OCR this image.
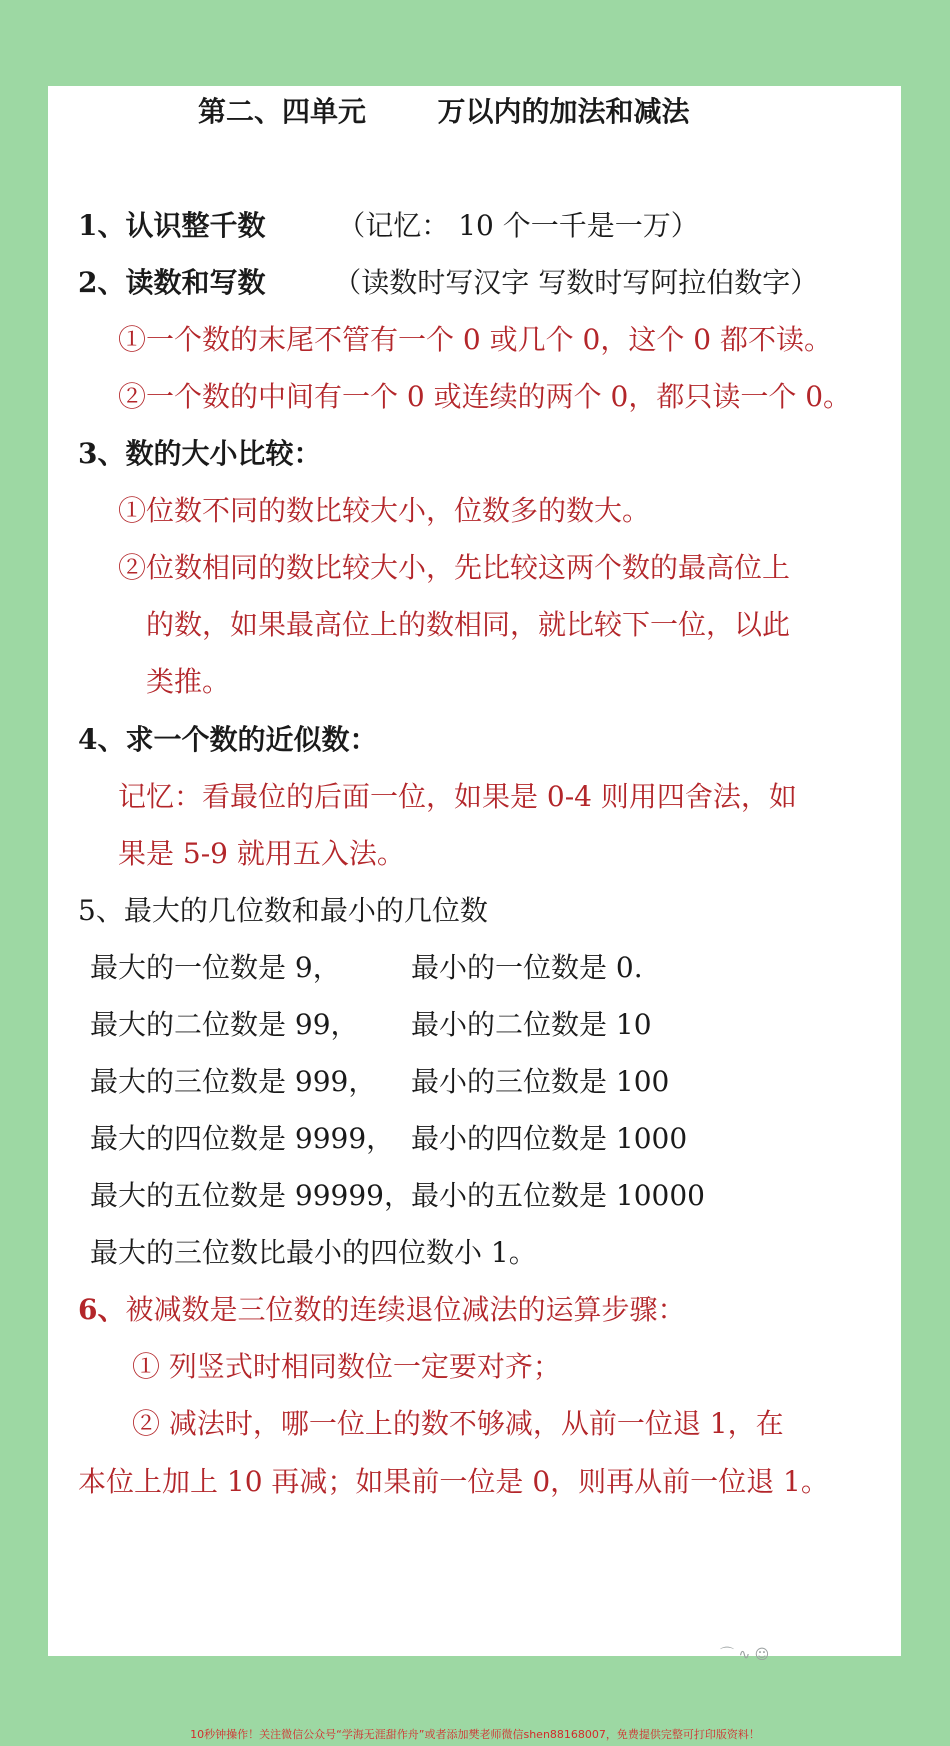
第二、四单元	万以内的加法和减法
1、认识整千数	（记忆： 10 个一千是一万）
2、读数和写数 （读数时写汉字 写数时写阿拉伯数字）
①一个数的末尾不管有一个 0 或几个 0，这个 0 都不读。
②一个数的中间有一个 0 或连续的两个 0，都只读一个 0。
3、数的大小比较：
①位数不同的数比较大小，位数多的数大。
②位数相同的数比较大小，先比较这两个数的最高位上
的数，如果最高位上的数相同，就比较下一位，以此
类推。
4、求一个数的近似数：
记忆：看最位的后面一位，如果是 0-4 则用四舍法，如
果是 5-9 就用五入法。
5、最大的几位数和最小的几位数
最大的一位数是 9，	最小的一位数是 0.
最大的二位数是 99， 最小的二位数是 10
最大的三位数是 999， 最小的三位数是 100
最大的四位数是 9999， 最小的四位数是 1000
最大的五位数是 99999， 最小的五位数是 10000
最大的三位数比最小的四位数小 1。
6、被减数是三位数的连续退位减法的运算步骤：
① 列竖式时相同数位一定要对齐；
② 减法时，哪一位上的数不够减，从前一位退 1，在
本位上加上 10 再减；如果前一位是 0，则再从前一位退 1。
⌒ ∿ ☺
10秒钟操作！关注微信公众号“学海无涯甜作舟”或者添加樊老师微信shen88168007，免费提供完整可打印版资料！
